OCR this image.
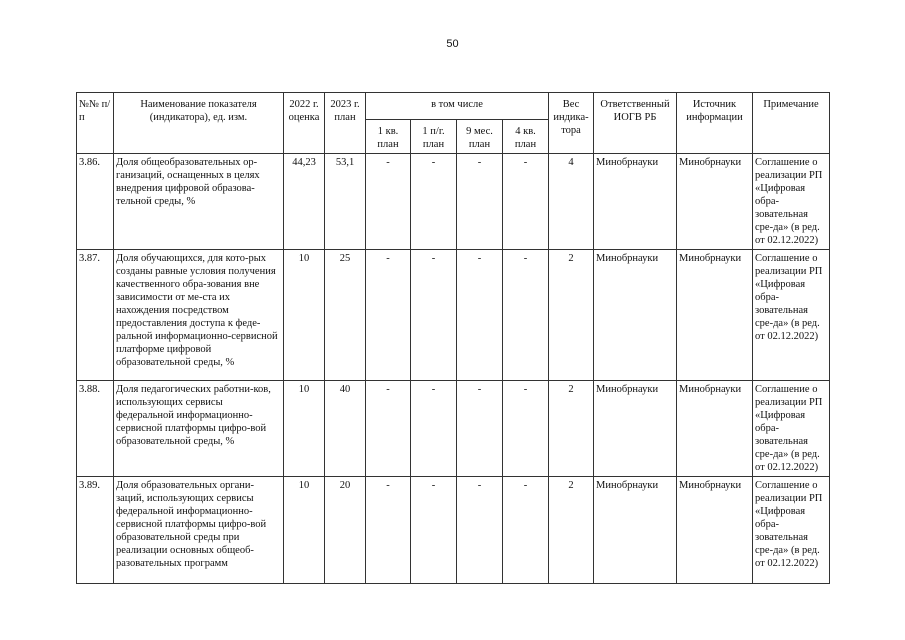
50
№№ п/п	Наименование показателя (индикатора), ед. изм.	2022 г. оценка	2023 г. план	в том числе				Вес индика-тора	Ответственный ИОГВ РБ	Источник информации	Примечание
				1 кв. план	1 п/г. план	9 мес. план	4 кв. план				
3.86.	Доля общеобразовательных ор-ганизаций, оснащенных в целях внедрения цифровой образова-тельной среды, %	44,23	53,1	-	-	-	-	4	Минобрнауки	Минобрнауки	Соглашение о реализации РП «Цифровая обра-зовательная сре-да» (в ред. от 02.12.2022)
3.87.	Доля обучающихся, для кото-рых созданы равные условия получения качественного обра-зования вне зависимости от ме-ста их нахождения посредством предоставления доступа к феде-ральной информационно-сервисной платформе цифровой образовательной среды, %	10	25	-	-	-	-	2	Минобрнауки	Минобрнауки	Соглашение о реализации РП «Цифровая обра-зовательная сре-да» (в ред. от 02.12.2022)
3.88.	Доля педагогических работни-ков, использующих сервисы федеральной информационно-сервисной платформы цифро-вой образовательной среды, %	10	40	-	-	-	-	2	Минобрнауки	Минобрнауки	Соглашение о реализации РП «Цифровая обра-зовательная сре-да» (в ред. от 02.12.2022)
3.89.	Доля образовательных органи-заций, использующих сервисы федеральной информационно-сервисной платформы цифро-вой образовательной среды при реализации основных общеоб-разовательных программ	10	20	-	-	-	-	2	Минобрнауки	Минобрнауки	Соглашение о реализации РП «Цифровая обра-зовательная сре-да» (в ред. от 02.12.2022)
